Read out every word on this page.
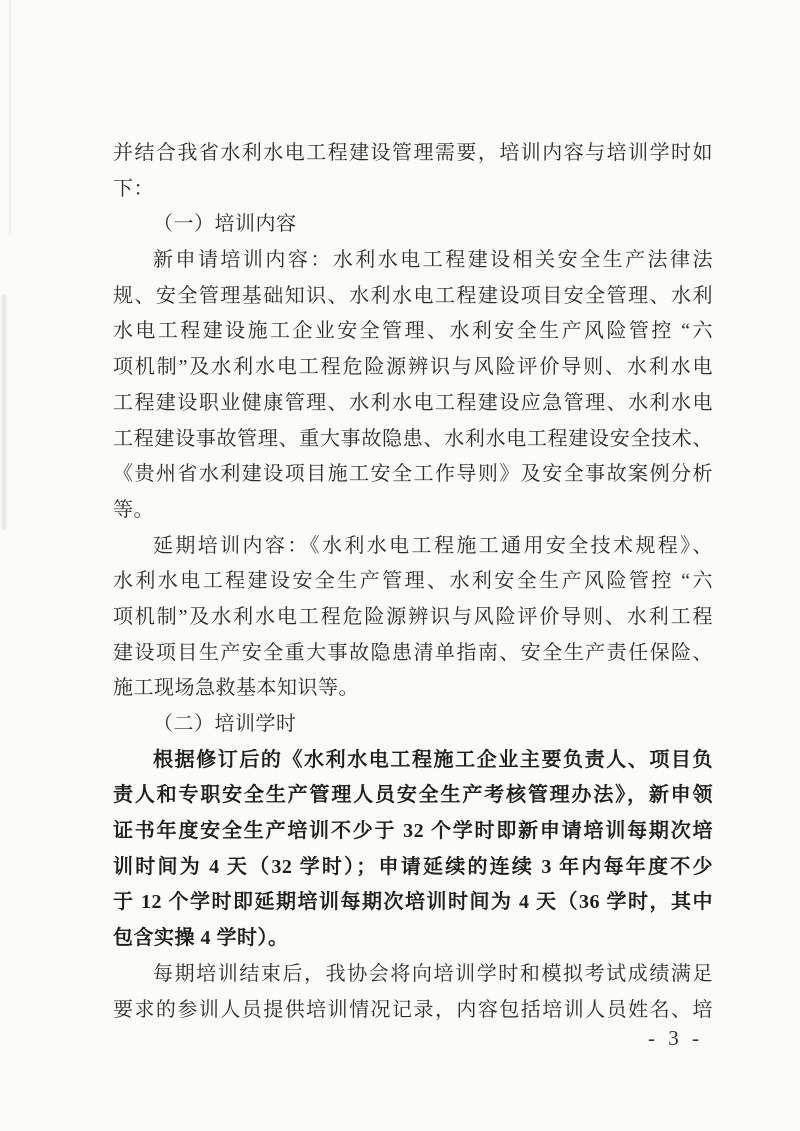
并结合我省水利水电工程建设管理需要，培训内容与培训学时如
下：
（一）培训内容
新申请培训内容：水利水电工程建设相关安全生产法律法
规、安全管理基础知识、水利水电工程建设项目安全管理、水利
水电工程建设施工企业安全管理、水利安全生产风险管控 “六
项机制”及水利水电工程危险源辨识与风险评价导则、水利水电
工程建设职业健康管理、水利水电工程建设应急管理、水利水电
工程建设事故管理、重大事故隐患、水利水电工程建设安全技术、
《贵州省水利建设项目施工安全工作导则》及安全事故案例分析
等。
延期培训内容：《水利水电工程施工通用安全技术规程》、
水利水电工程建设安全生产管理、水利安全生产风险管控 “六
项机制”及水利水电工程危险源辨识与风险评价导则、水利工程
建设项目生产安全重大事故隐患清单指南、安全生产责任保险、
施工现场急救基本知识等。
（二）培训学时
根据修订后的《水利水电工程施工企业主要负责人、项目负
责人和专职安全生产管理人员安全生产考核管理办法》，新申领
证书年度安全生产培训不少于 32 个学时即新申请培训每期次培
训时间为 4 天（32 学时）；申请延续的连续 3 年内每年度不少
于 12 个学时即延期培训每期次培训时间为 4 天（36 学时，其中
包含实操 4 学时）。
每期培训结束后，我协会将向培训学时和模拟考试成绩满足
要求的参训人员提供培训情况记录，内容包括培训人员姓名、培
- 3 -
